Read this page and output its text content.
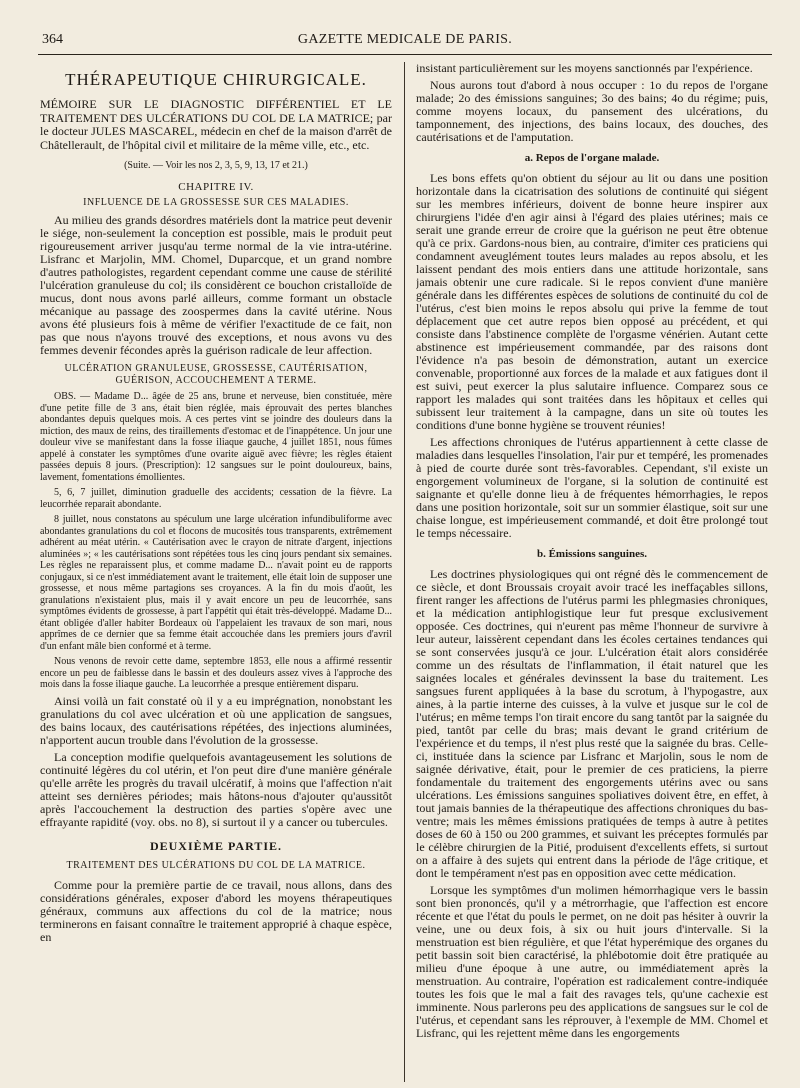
364	GAZETTE MEDICALE DE PARIS.
THÉRAPEUTIQUE CHIRURGICALE.

MÉMOIRE SUR LE DIAGNOSTIC DIFFÉRENTIEL ET LE TRAITEMENT DES ULCÉRATIONS DU COL DE LA MATRICE; par le docteur JULES MASCAREL, médecin en chef de la maison d'arrêt de Châtellerault, de l'hôpital civil et militaire de la même ville, etc., etc.

(Suite. — Voir les nos 2, 3, 5, 9, 13, 17 et 21.)
CHAPITRE IV.
INFLUENCE DE LA GROSSESSE SUR CES MALADIES.

Au milieu des grands désordres matériels dont la matrice peut devenir le siége, non-seulement la conception est possible, mais le produit peut rigoureusement arriver jusqu'au terme normal de la vie intra-utérine. Lisfranc et Marjolin, MM. Chomel, Duparcque, et un grand nombre d'autres pathologistes, regardent cependant comme une cause de stérilité l'ulcération granuleuse du col; ils considèrent ce bouchon cristalloïde de mucus, dont nous avons parlé ailleurs, comme formant un obstacle mécanique au passage des zoospermes dans la cavité utérine. Nous avons été plusieurs fois à même de vérifier l'exactitude de ce fait, non pas que nous n'ayons trouvé des exceptions, et nous avons vu des femmes devenir fécondes après la guérison radicale de leur affection.

ULCÉRATION GRANULEUSE, GROSSESSE, CAUTÉRISATION, GUÉRISON, ACCOUCHEMENT A TERME.

OBS. — Madame D... âgée de 25 ans, brune et nerveuse, bien constituée, mère d'une petite fille de 3 ans, était bien réglée, mais éprouvait des pertes blanches abondantes depuis quelques mois. A ces pertes vint se joindre des douleurs dans la miction, des maux de reins, des tiraillements d'estomac et de l'inappétence. Un jour une douleur vive se manifestant dans la fosse iliaque gauche, 4 juillet 1851, nous fûmes appelé à constater les symptômes d'une ovarite aiguë avec fièvre; les règles étaient passées depuis 8 jours. (Prescription): 12 sangsues sur le point douloureux, bains, lavement, fomentations émollientes.

5, 6, 7 juillet, diminution graduelle des accidents; cessation de la fièvre. La leucorrhée reparait abondante.

8 juillet, nous constatons au spéculum une large ulcération infundibuliforme avec abondantes granulations du col et flocons de mucosités tous transparents, extrêmement adhérent au méat utérin. « Cautérisation avec le crayon de nitrate d'argent, injections aluminées »; « les cautérisations sont répétées tous les cinq jours pendant six semaines. Les règles ne reparaissent plus, et comme madame D... n'avait point eu de rapports conjugaux, si ce n'est immédiatement avant le traitement, elle était loin de supposer une grossesse, et nous même partagions ses croyances. A la fin du mois d'août, les granulations n'existaient plus, mais il y avait encore un peu de leucorrhée, sans symptômes évidents de grossesse, à part l'appétit qui était très-développé. Madame D... étant obligée d'aller habiter Bordeaux où l'appelaient les travaux de son mari, nous apprîmes de ce dernier que sa femme était accouchée dans les premiers jours d'avril d'un enfant mâle bien conformé et à terme.

Nous venons de revoir cette dame, septembre 1853, elle nous a affirmé ressentir encore un peu de faiblesse dans le bassin et des douleurs assez vives à l'approche des mois dans la fosse iliaque gauche. La leucorrhée a presque entièrement disparu.

Ainsi voilà un fait constaté où il y a eu imprégnation, nonobstant les granulations du col avec ulcération et où une application de sangsues, des bains locaux, des cautérisations répétées, des injections aluminées, n'apportent aucun trouble dans l'évolution de la grossesse.

La conception modifie quelquefois avantageusement les solutions de continuité légères du col utérin, et l'on peut dire d'une manière générale qu'elle arrête les progrès du travail ulcératif, à moins que l'affection n'ait atteint ses dernières périodes; mais hâtons-nous d'ajouter qu'aussitôt après l'accouchement la destruction des parties s'opère avec une effrayante rapidité (voy. obs. no 8), si surtout il y a cancer ou tubercules.

DEUXIÈME PARTIE.
TRAITEMENT DES ULCÉRATIONS DU COL DE LA MATRICE.

Comme pour la première partie de ce travail, nous allons, dans des considérations générales, exposer d'abord les moyens thérapeutiques généraux, communs aux affections du col de la matrice; nous terminerons en faisant connaître le traitement approprié à chaque espèce, en

insistant particulièrement sur les moyens sanctionnés par l'expérience.

Nous aurons tout d'abord à nous occuper : 1o du repos de l'organe malade; 2o des émissions sanguines; 3o des bains; 4o du régime; puis, comme moyens locaux, du pansement des ulcérations, du tamponnement, des injections, des bains locaux, des douches, des cautérisations et de l'amputation.

a. Repos de l'organe malade.

Les bons effets qu'on obtient du séjour au lit ou dans une position horizontale dans la cicatrisation des solutions de continuité qui siégent sur les membres inférieurs, doivent de bonne heure inspirer aux chirurgiens l'idée d'en agir ainsi à l'égard des plaies utérines; mais ce serait une grande erreur de croire que la guérison ne peut être obtenue qu'à ce prix. Gardons-nous bien, au contraire, d'imiter ces praticiens qui condamnent aveuglément toutes leurs malades au repos absolu, et les laissent pendant des mois entiers dans une attitude horizontale, sans jamais obtenir une cure radicale. Si le repos convient d'une manière générale dans les différentes espèces de solutions de continuité du col de l'utérus, c'est bien moins le repos absolu qui prive la femme de tout déplacement que cet autre repos bien opposé au précédent, et qui consiste dans l'abstinence complète de l'orgasme vénérien. Autant cette abstinence est impérieusement commandée, par des raisons dont l'évidence n'a pas besoin de démonstration, autant un exercice convenable, proportionné aux forces de la malade et aux fatigues dont il est suivi, peut exercer la plus salutaire influence. Comparez sous ce rapport les malades qui sont traitées dans les hôpitaux et celles qui subissent leur traitement à la campagne, dans un site où toutes les conditions d'une bonne hygiène se trouvent réunies!

Les affections chroniques de l'utérus appartiennent à cette classe de maladies dans lesquelles l'insolation, l'air pur et tempéré, les promenades à pied de courte durée sont très-favorables. Cependant, s'il existe un engorgement volumineux de l'organe, si la solution de continuité est saignante et qu'elle donne lieu à de fréquentes hémorrhagies, le repos dans une position horizontale, soit sur un sommier élastique, soit sur une chaise longue, est impérieusement commandé, et doit être prolongé tout le temps nécessaire.

b. Émissions sanguines.

Les doctrines physiologiques qui ont régné dès le commencement de ce siècle, et dont Broussais croyait avoir tracé les ineffaçables sillons, firent ranger les affections de l'utérus parmi les phlegmasies chroniques, et la médication antiphlogistique leur fut presque exclusivement opposée. Ces doctrines, qui n'eurent pas même l'honneur de survivre à leur auteur, laissèrent cependant dans les écoles certaines tendances qui se sont conservées jusqu'à ce jour. L'ulcération était alors considérée comme un des résultats de l'inflammation, il était naturel que les saignées locales et générales devinssent la base du traitement. Les sangsues furent appliquées à la base du scrotum, à l'hypogastre, aux aines, à la partie interne des cuisses, à la vulve et jusque sur le col de l'utérus; en même temps l'on tirait encore du sang tantôt par la saignée du pied, tantôt par celle du bras; mais devant le grand critérium de l'expérience et du temps, il n'est plus resté que la saignée du bras. Celle-ci, instituée dans la science par Lisfranc et Marjolin, sous le nom de saignée dérivative, était, pour le premier de ces praticiens, la pierre fondamentale du traitement des engorgements utérins avec ou sans ulcérations. Les émissions sanguines spoliatives doivent être, en effet, à tout jamais bannies de la thérapeutique des affections chroniques du bas-ventre; mais les mêmes émissions pratiquées de temps à autre à petites doses de 60 à 150 ou 200 grammes, et suivant les préceptes formulés par le célèbre chirurgien de la Pitié, produisent d'excellents effets, si surtout on a affaire à des sujets qui entrent dans la période de l'âge critique, et dont le tempérament n'est pas en opposition avec cette médication.

Lorsque les symptômes d'un molimen hémorrhagique vers le bassin sont bien prononcés, qu'il y a métrorrhagie, que l'affection est encore récente et que l'état du pouls le permet, on ne doit pas hésiter à ouvrir la veine, une ou deux fois, à six ou huit jours d'intervalle. Si la menstruation est bien régulière, et que l'état hyperémique des organes du petit bassin soit bien caractérisé, la phlébotomie doit être pratiquée au milieu d'une époque à une autre, ou immédiatement après la menstruation. Au contraire, l'opération est radicalement contre-indiquée toutes les fois que le mal a fait des ravages tels, qu'une cachexie est imminente. Nous parlerons peu des applications de sangsues sur le col de l'utérus, et cependant sans les réprouver, à l'exemple de MM. Chomel et Lisfranc, qui les rejettent même dans les engorgements
